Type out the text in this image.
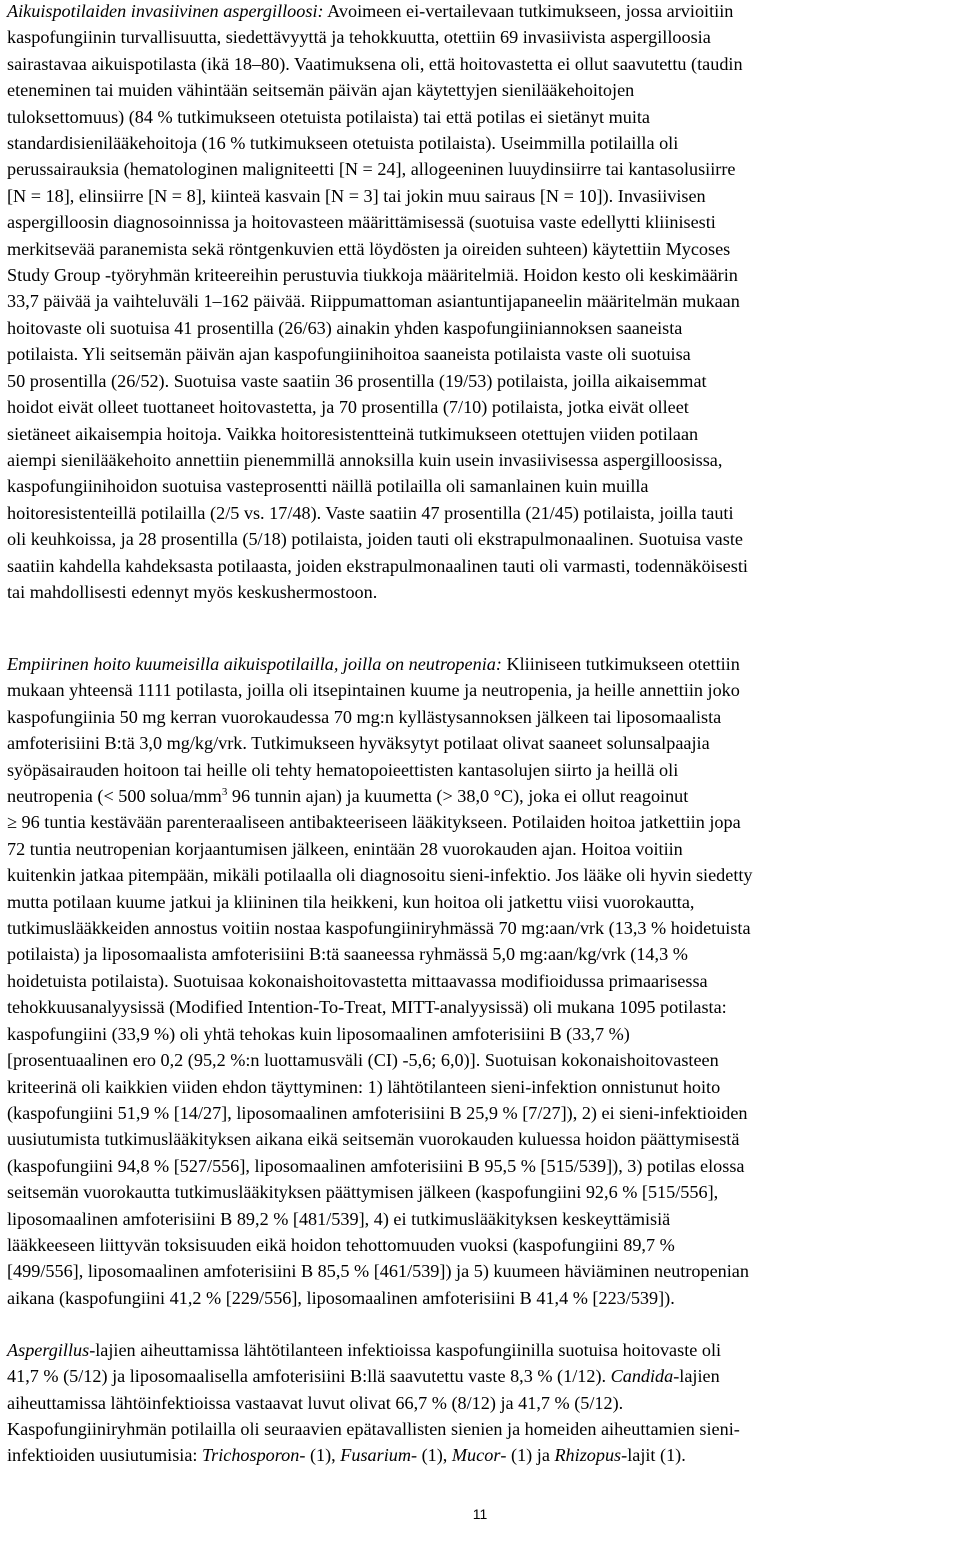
Aikuispotilaiden invasiivinen aspergilloosi: Avoimeen ei-vertailevaan tutkimukseen, jossa arvioitiin
kaspofungiinin turvallisuutta, siedettävyyttä ja tehokkuutta, otettiin 69 invasiivista aspergilloosia
sairastavaa aikuispotilasta (ikä 18–80). Vaatimuksena oli, että hoitovastetta ei ollut saavutettu (taudin
eteneminen tai muiden vähintään seitsemän päivän ajan käytettyjen sienilääkehoitojen
tuloksettomuus) (84 % tutkimukseen otetuista potilaista) tai että potilas ei sietänyt muita
standardisienilääkehoitoja (16 % tutkimukseen otetuista potilaista). Useimmilla potilailla oli
perussairauksia (hematologinen maligniteetti [N = 24], allogeeninen luuydinsiirre tai kantasolusiirre
[N = 18], elinsiirre [N = 8], kiinteä kasvain [N = 3] tai jokin muu sairaus [N = 10]). Invasiivisen
aspergilloosin diagnosoinnissa ja hoitovasteen määrittämisessä (suotuisa vaste edellytti kliinisesti
merkitsevää paranemista sekä röntgenkuvien että löydösten ja oireiden suhteen) käytettiin Mycoses
Study Group -työryhmän kriteereihin perustuvia tiukkoja määritelmiä. Hoidon kesto oli keskimäärin
33,7 päivää ja vaihteluväli 1–162 päivää. Riippumattoman asiantuntijapaneelin määritelmän mukaan
hoitovaste oli suotuisa 41 prosentilla (26/63) ainakin yhden kaspofungiiniannoksen saaneista
potilaista. Yli seitsemän päivän ajan kaspofungiinihoitoa saaneista potilaista vaste oli suotuisa
50 prosentilla (26/52). Suotuisa vaste saatiin 36 prosentilla (19/53) potilaista, joilla aikaisemmat
hoidot eivät olleet tuottaneet hoitovastetta, ja 70 prosentilla (7/10) potilaista, jotka eivät olleet
sietäneet aikaisempia hoitoja. Vaikka hoitoresistentteinä tutkimukseen otettujen viiden potilaan
aiempi sienilääkehoito annettiin pienemmillä annoksilla kuin usein invasiivisessa aspergilloosissa,
kaspofungiinihoidon suotuisa vasteprosentti näillä potilailla oli samanlainen kuin muilla
hoitoresistenteillä potilailla (2/5 vs. 17/48). Vaste saatiin 47 prosentilla (21/45) potilaista, joilla tauti
oli keuhkoissa, ja 28 prosentilla (5/18) potilaista, joiden tauti oli ekstrapulmonaalinen. Suotuisa vaste
saatiin kahdella kahdeksasta potilaasta, joiden ekstrapulmonaalinen tauti oli varmasti, todennäköisesti
tai mahdollisesti edennyt myös keskushermostoon.
Empiirinen hoito kuumeisilla aikuispotilailla, joilla on neutropenia: Kliiniseen tutkimukseen otettiin
mukaan yhteensä 1111 potilasta, joilla oli itsepintainen kuume ja neutropenia, ja heille annettiin joko
kaspofungiinia 50 mg kerran vuorokaudessa 70 mg:n kyllästysannoksen jälkeen tai liposomaalista
amfoterisiini B:tä 3,0 mg/kg/vrk. Tutkimukseen hyväksytyt potilaat olivat saaneet solunsalpaajia
syöpäsairauden hoitoon tai heille oli tehty hematopoieettisten kantasolujen siirto ja heillä oli
neutropenia (< 500 solua/$mm^3$ 96 tunnin ajan) ja kuumetta (> 38,0 °C), joka ei ollut reagoinut
≥ 96 tuntia kestävään parenteraaliseen antibakteeriseen lääkitykseen. Potilaiden hoitoa jatkettiin jopa
72 tuntia neutropenian korjaantumisen jälkeen, enintään 28 vuorokauden ajan. Hoitoa voitiin
kuitenkin jatkaa pitempään, mikäli potilaalla oli diagnosoitu sieni-infektio. Jos lääke oli hyvin siedetty
mutta potilaan kuume jatkui ja kliininen tila heikkeni, kun hoitoa oli jatkettu viisi vuorokautta,
tutkimuslääkkeiden annostus voitiin nostaa kaspofungiiniryhmässä 70 mg:aan/vrk (13,3 % hoidetuista
potilaista) ja liposomaalista amfoterisiini B:tä saaneessa ryhmässä 5,0 mg:aan/kg/vrk (14,3 %
hoidetuista potilaista). Suotuisaa kokonaishoitovastetta mittaavassa modifioidussa primaarisessa
tehokkuusanalyysissä (Modified Intention-To-Treat, MITT-analyysissä) oli mukana 1095 potilasta:
kaspofungiini (33,9 %) oli yhtä tehokas kuin liposomaalinen amfoterisiini B (33,7 %)
[prosentuaalinen ero 0,2 (95,2 %:n luottamusväli (CI) -5,6; 6,0)]. Suotuisan kokonaishoitovasteen
kriteerinä oli kaikkien viiden ehdon täyttyminen: 1) lähtötilanteen sieni-infektion onnistunut hoito
(kaspofungiini 51,9 % [14/27], liposomaalinen amfoterisiini B 25,9 % [7/27]), 2) ei sieni-infektioiden
uusiutumista tutkimuslääkityksen aikana eikä seitsemän vuorokauden kuluessa hoidon päättymisestä
(kaspofungiini 94,8 % [527/556], liposomaalinen amfoterisiini B 95,5 % [515/539]), 3) potilas elossa
seitsemän vuorokautta tutkimuslääkityksen päättymisen jälkeen (kaspofungiini 92,6 % [515/556],
liposomaalinen amfoterisiini B 89,2 % [481/539], 4) ei tutkimuslääkityksen keskeyttämisiä
lääkkeeseen liittyvän toksisuuden eikä hoidon tehottomuuden vuoksi (kaspofungiini 89,7 %
[499/556], liposomaalinen amfoterisiini B 85,5 % [461/539]) ja 5) kuumeen häviäminen neutropenian
aikana (kaspofungiini 41,2 % [229/556], liposomaalinen amfoterisiini B 41,4 % [223/539]).
Aspergillus-lajien aiheuttamissa lähtötilanteen infektioissa kaspofungiinilla suotuisa hoitovaste oli
41,7 % (5/12) ja liposomaalisella amfoterisiini B:llä saavutettu vaste 8,3 % (1/12). Candida-lajien
aiheuttamissa lähtöinfektioissa vastaavat luvut olivat 66,7 % (8/12) ja 41,7 % (5/12).
Kaspofungiiniryhmän potilailla oli seuraavien epätavallisten sienien ja homeiden aiheuttamien sieni-
infektioiden uusiutumisia: Trichosporon- (1), Fusarium- (1), Mucor- (1) ja Rhizopus-lajit (1).
11
